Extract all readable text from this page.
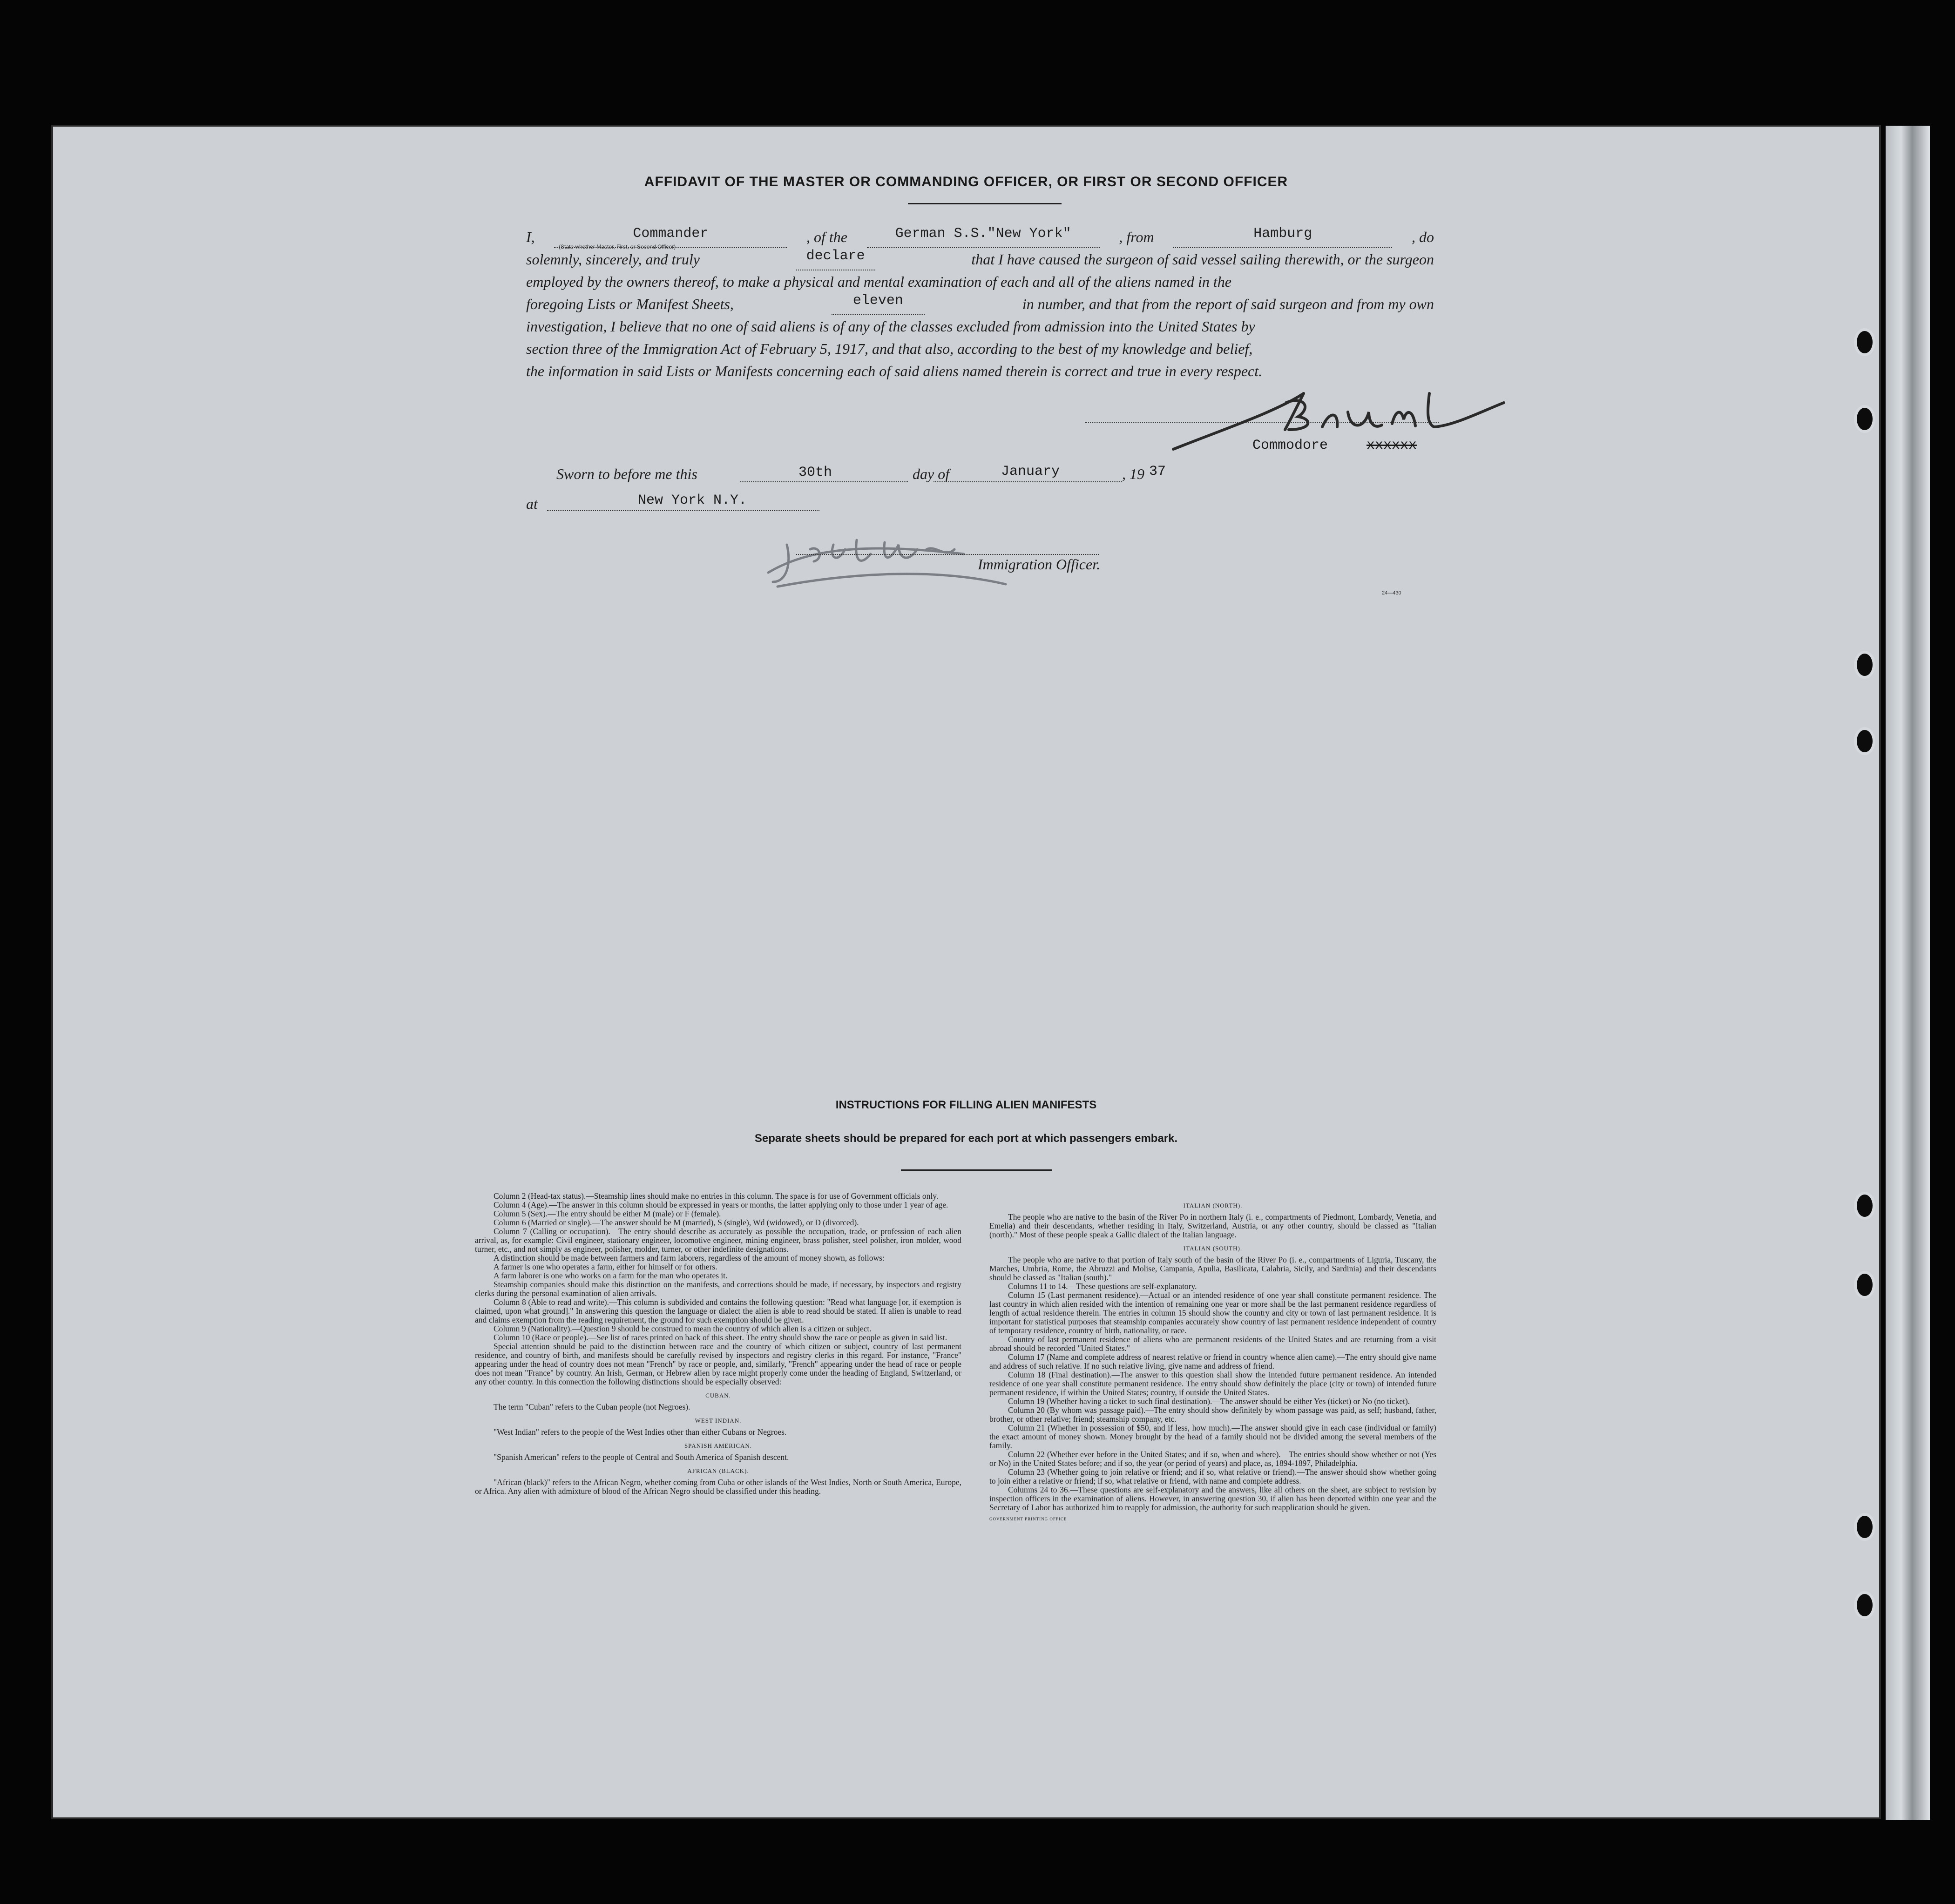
AFFIDAVIT OF THE MASTER OR COMMANDING OFFICER, OR FIRST OR SECOND OFFICER
I,	Commander	, of the	German S.S."New York"	, from	Hamburg	, do
solemnly, sincerely, and truly	declare	that I have caused the surgeon of said vessel sailing therewith, or the surgeon
employed by the owners thereof, to make a physical and mental examination of each and all of the aliens named in the
foregoing Lists or Manifest Sheets,	eleven	in number, and that from the report of said surgeon and from my own
investigation, I believe that no one of said aliens is of any of the classes excluded from admission into the United States by
section three of the Immigration Act of February 5, 1917, and that also, according to the best of my knowledge and belief,
the information in said Lists or Manifests concerning each of said aliens named therein is correct and true in every respect.
(State whether Master, First, or Second Officer)
Commodore	xxxxxx
Sworn to before me this	30th	day of	January	, 19 37
at	New York N.Y.
Immigration Officer.
24—430
INSTRUCTIONS FOR FILLING ALIEN MANIFESTS
Separate sheets should be prepared for each port at which passengers embark.

Column 2 (Head-tax status).—Steamship lines should make no entries in this column. The space is for use of Government officials only.

Column 4 (Age).—The answer in this column should be expressed in years or months, the latter applying only to those under 1 year of age.

Column 5 (Sex).—The entry should be either M (male) or F (female).

Column 6 (Married or single).—The answer should be M (married), S (single), Wd (widowed), or D (divorced).

Column 7 (Calling or occupation).—The entry should describe as accurately as possible the occupation, trade, or profession of each alien arrival, as, for example: Civil engineer, stationary engineer, locomotive engineer, mining engineer, brass polisher, steel polisher, iron molder, wood turner, etc., and not simply as engineer, polisher, molder, turner, or other indefinite designations.

A distinction should be made between farmers and farm laborers, regardless of the amount of money shown, as follows:

A farmer is one who operates a farm, either for himself or for others.

A farm laborer is one who works on a farm for the man who operates it.

Steamship companies should make this distinction on the manifests, and corrections should be made, if necessary, by inspectors and registry clerks during the personal examination of alien arrivals.

Column 8 (Able to read and write).—This column is subdivided and contains the following question: "Read what language [or, if exemption is claimed, upon what ground]." In answering this question the language or dialect the alien is able to read should be stated. If alien is unable to read and claims exemption from the reading requirement, the ground for such exemption should be given.

Column 9 (Nationality).—Question 9 should be construed to mean the country of which alien is a citizen or subject.

Column 10 (Race or people).—See list of races printed on back of this sheet. The entry should show the race or people as given in said list.

Special attention should be paid to the distinction between race and the country of which citizen or subject, country of last permanent residence, and country of birth, and manifests should be carefully revised by inspectors and registry clerks in this regard. For instance, "France" appearing under the head of country does not mean "French" by race or people, and, similarly, "French" appearing under the head of race or people does not mean "France" by country. An Irish, German, or Hebrew alien by race might properly come under the heading of England, Switzerland, or any other country. In this connection the following distinctions should be especially observed:

CUBAN.

The term "Cuban" refers to the Cuban people (not Negroes).

WEST INDIAN.

"West Indian" refers to the people of the West Indies other than either Cubans or Negroes.

SPANISH AMERICAN.

"Spanish American" refers to the people of Central and South America of Spanish descent.

AFRICAN (BLACK).

"African (black)" refers to the African Negro, whether coming from Cuba or other islands of the West Indies, North or South America, Europe, or Africa. Any alien with admixture of blood of the African Negro should be classified under this heading.

ITALIAN (NORTH).

The people who are native to the basin of the River Po in northern Italy (i. e., compartments of Piedmont, Lombardy, Venetia, and Emelia) and their descendants, whether residing in Italy, Switzerland, Austria, or any other country, should be classed as "Italian (north)." Most of these people speak a Gallic dialect of the Italian language.

ITALIAN (SOUTH).

The people who are native to that portion of Italy south of the basin of the River Po (i. e., compartments of Liguria, Tuscany, the Marches, Umbria, Rome, the Abruzzi and Molise, Campania, Apulia, Basilicata, Calabria, Sicily, and Sardinia) and their descendants should be classed as "Italian (south)."

Columns 11 to 14.—These questions are self-explanatory.

Column 15 (Last permanent residence).—Actual or an intended residence of one year shall constitute permanent residence. The last country in which alien resided with the intention of remaining one year or more shall be the last permanent residence regardless of length of actual residence therein. The entries in column 15 should show the country and city or town of last permanent residence. It is important for statistical purposes that steamship companies accurately show country of last permanent residence independent of country of temporary residence, country of birth, nationality, or race.

Country of last permanent residence of aliens who are permanent residents of the United States and are returning from a visit abroad should be recorded "United States."

Column 17 (Name and complete address of nearest relative or friend in country whence alien came).—The entry should give name and address of such relative. If no such relative living, give name and address of friend.

Column 18 (Final destination).—The answer to this question shall show the intended future permanent residence. An intended residence of one year shall constitute permanent residence. The entry should show definitely the place (city or town) of intended future permanent residence, if within the United States; country, if outside the United States.

Column 19 (Whether having a ticket to such final destination).—The answer should be either Yes (ticket) or No (no ticket).

Column 20 (By whom was passage paid).—The entry should show definitely by whom passage was paid, as self; husband, father, brother, or other relative; friend; steamship company, etc.

Column 21 (Whether in possession of $50, and if less, how much).—The answer should give in each case (individual or family) the exact amount of money shown. Money brought by the head of a family should not be divided among the several members of the family.

Column 22 (Whether ever before in the United States; and if so, when and where).—The entries should show whether or not (Yes or No) in the United States before; and if so, the year (or period of years) and place, as, 1894-1897, Philadelphia.

Column 23 (Whether going to join relative or friend; and if so, what relative or friend).—The answer should show whether going to join either a relative or friend; if so, what relative or friend, with name and complete address.

Columns 24 to 36.—These questions are self-explanatory and the answers, like all others on the sheet, are subject to revision by inspection officers in the examination of aliens. However, in answering question 30, if alien has been deported within one year and the Secretary of Labor has authorized him to reapply for admission, the authority for such reapplication should be given.

GOVERNMENT PRINTING OFFICE
